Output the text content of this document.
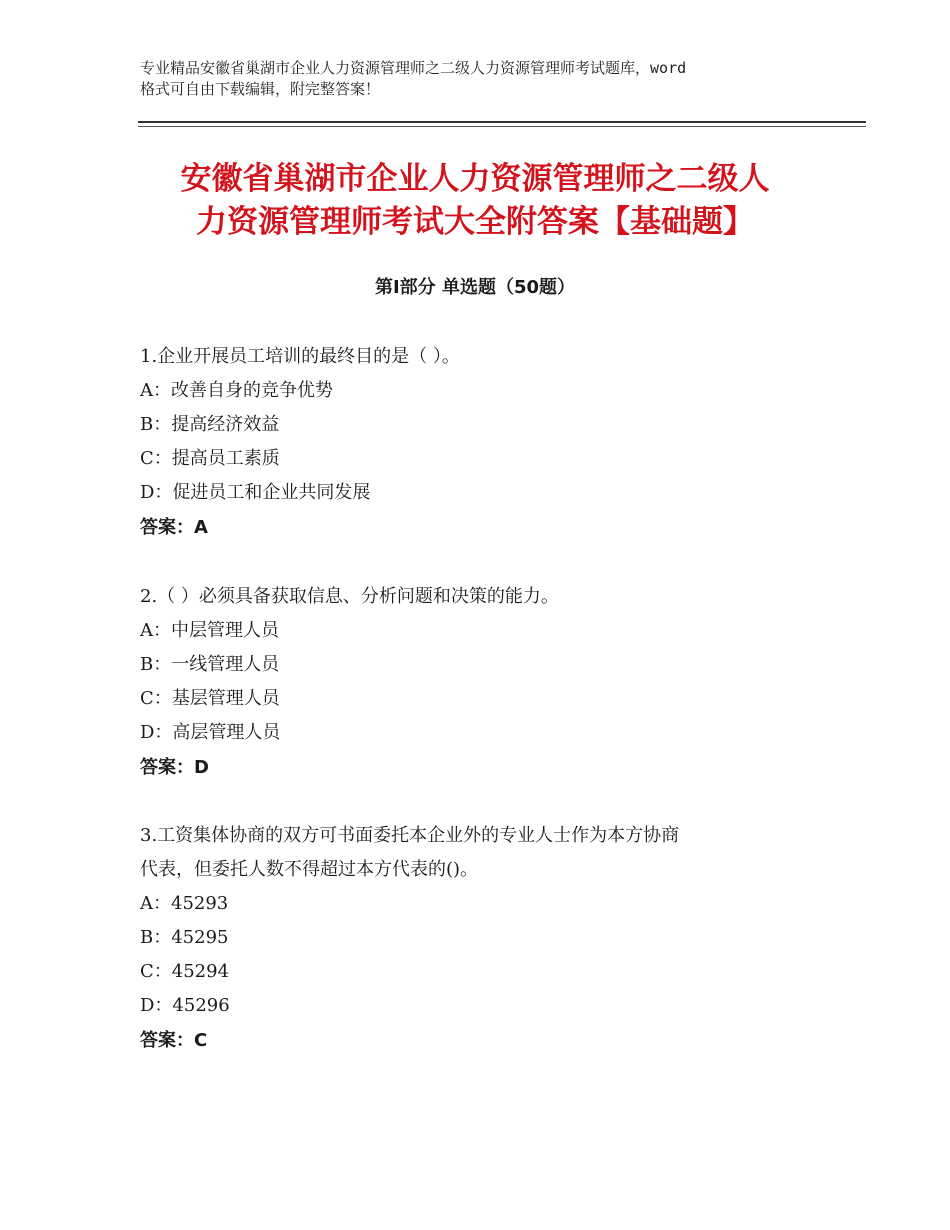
专业精品安徽省巢湖市企业人力资源管理师之二级人力资源管理师考试题库，word
格式可自由下载编辑，附完整答案！
安徽省巢湖市企业人力资源管理师之二级人
力资源管理师考试大全附答案【基础题】
第Ⅰ部分 单选题（50题）
1.企业开展员工培训的最终目的是（ ）。
A：改善自身的竞争优势
B：提高经济效益
C：提高员工素质
D：促进员工和企业共同发展
答案：A
2.（ ）必须具备获取信息、分析问题和决策的能力。
A：中层管理人员
B：一线管理人员
C：基层管理人员
D：高层管理人员
答案：D
3.工资集体协商的双方可书面委托本企业外的专业人士作为本方协商
代表，但委托人数不得超过本方代表的()。
A：45293
B：45295
C：45294
D：45296
答案：C
